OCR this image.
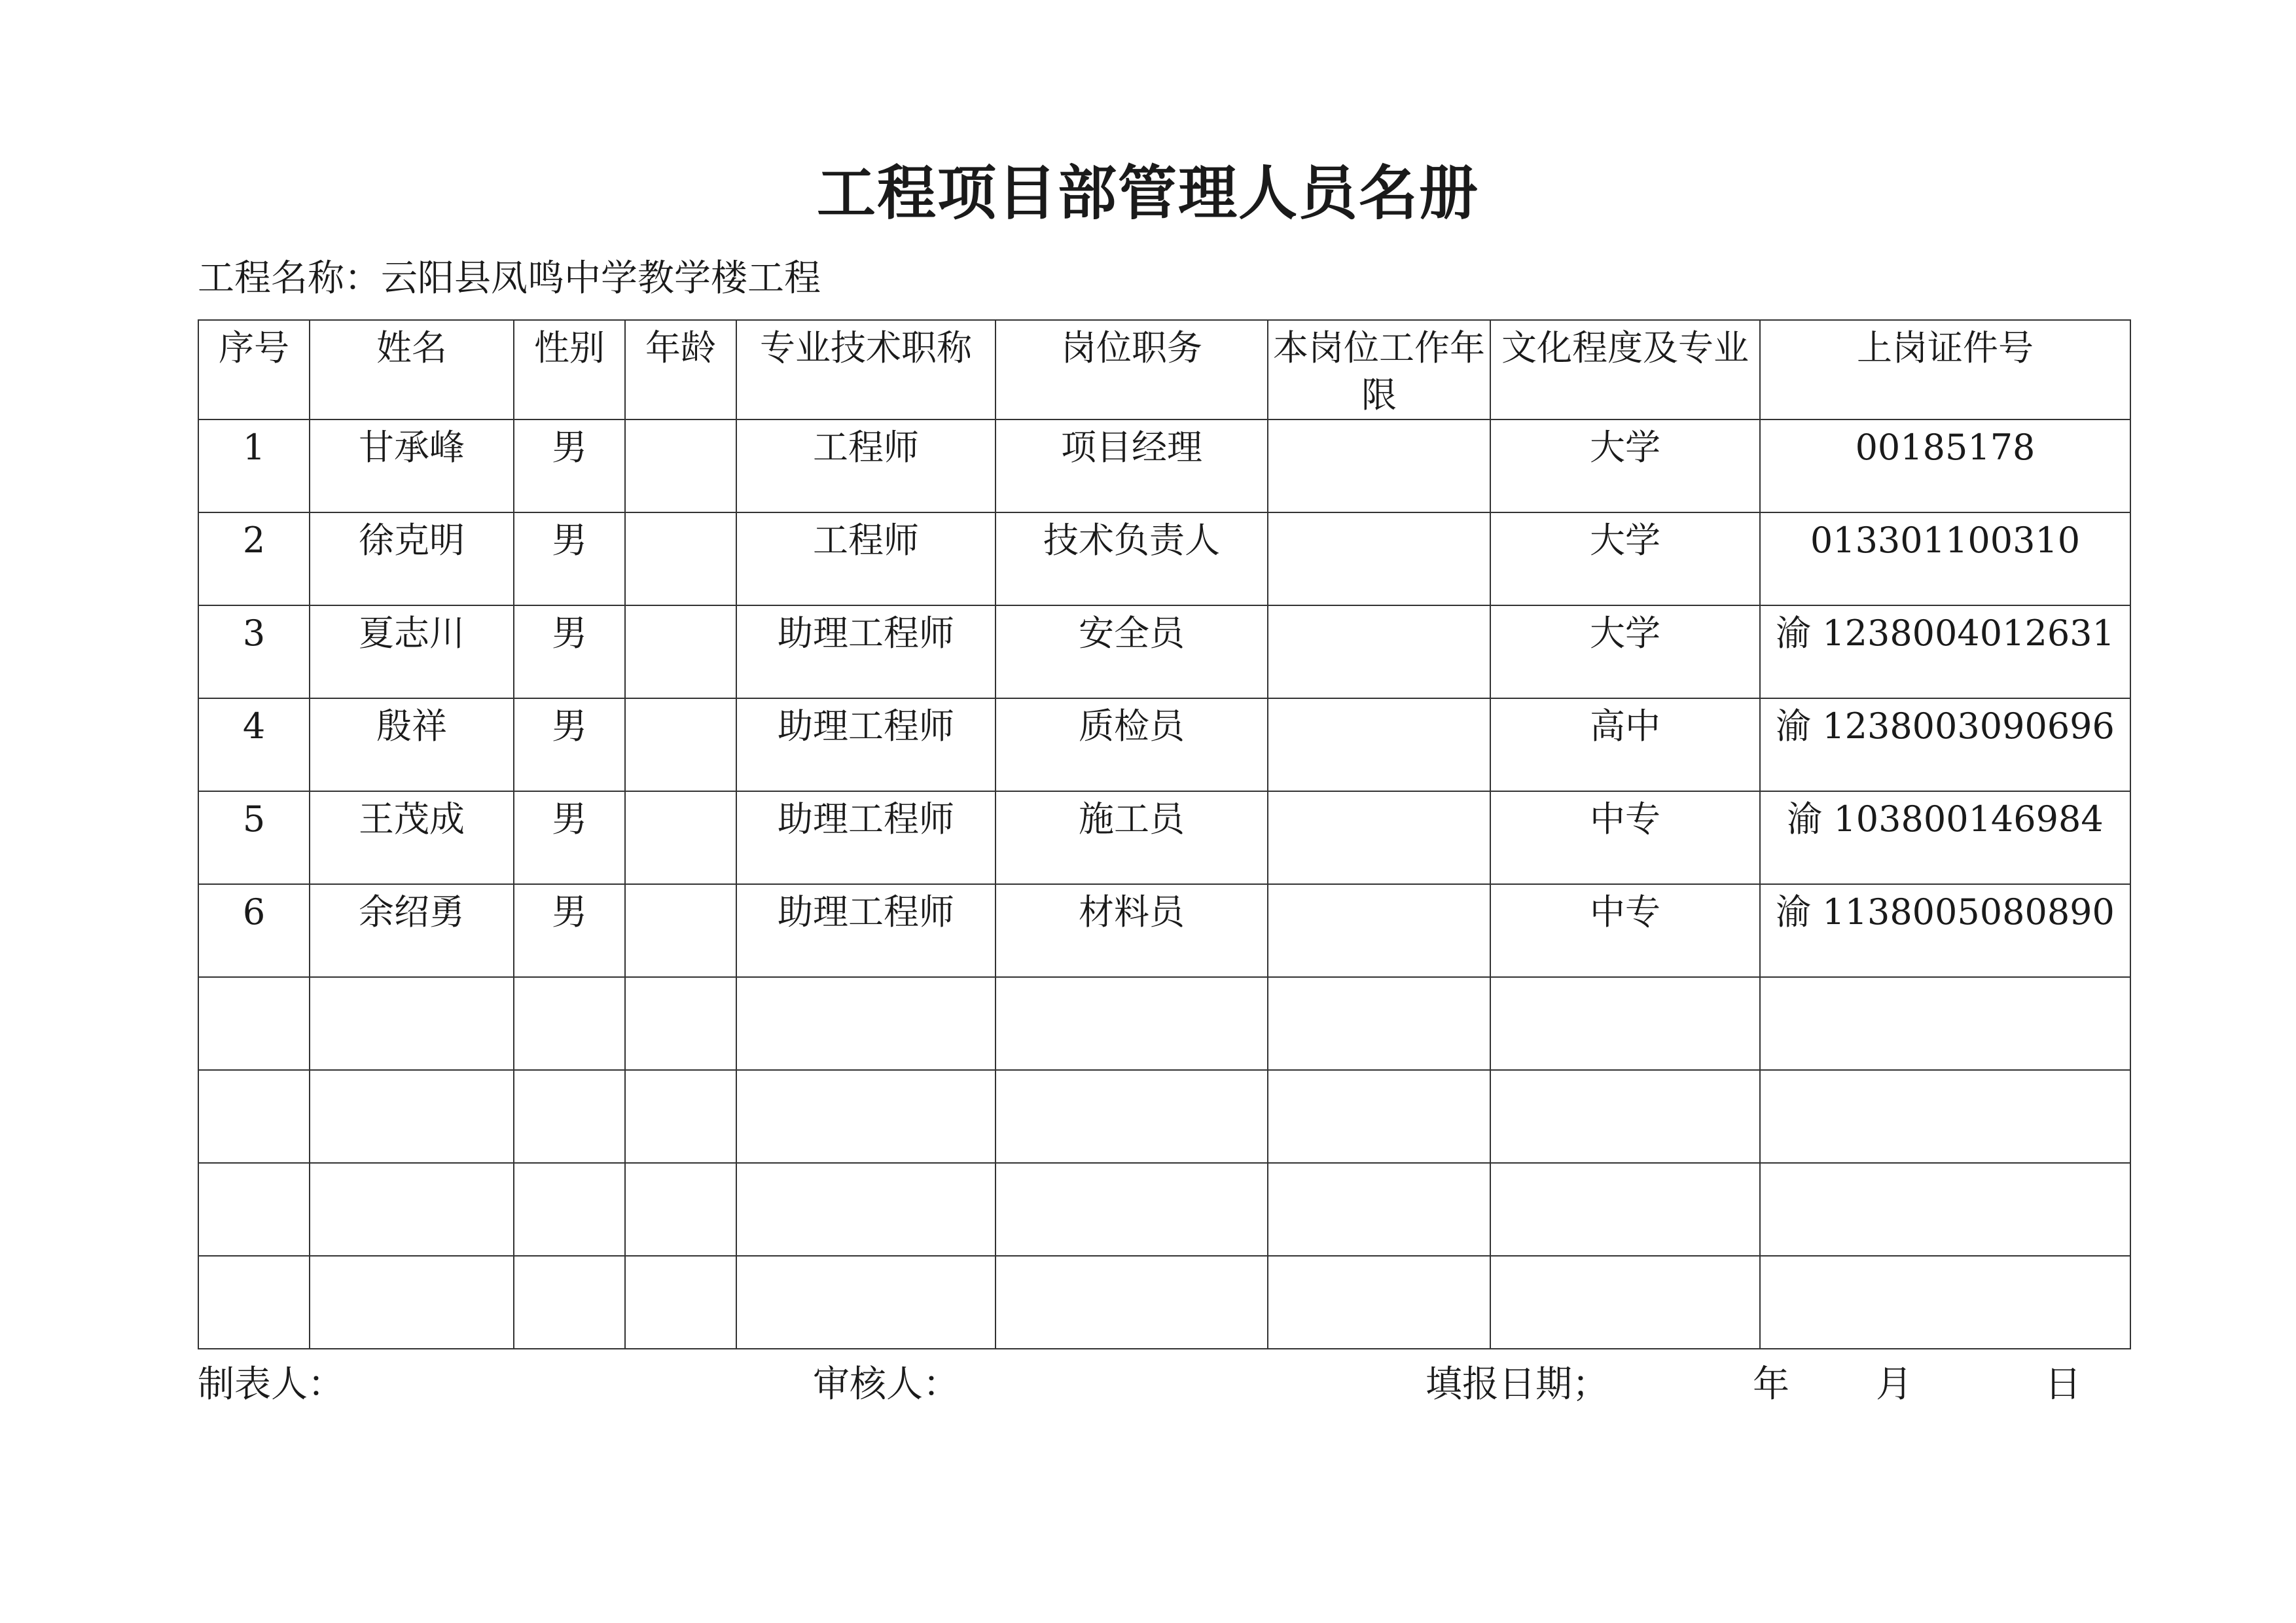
工程项目部管理人员名册
工程名称：云阳县凤鸣中学教学楼工程
序号	姓名	性别	年龄	专业技术职称	岗位职务	本岗位工作年限	文化程度及专业	上岗证件号
1	甘承峰	男		工程师	项目经理		大学	00185178
2	徐克明	男		工程师	技术负责人		大学	013301100310
3	夏志川	男		助理工程师	安全员		大学	渝 1238004012631
4	殷祥	男		助理工程师	质检员		高中	渝 1238003090696
5	王茂成	男		助理工程师	施工员		中专	渝 103800146984
6	余绍勇	男		助理工程师	材料员		中专	渝 1138005080890

制表人：	审核人：	填报日期；	年 月	日
